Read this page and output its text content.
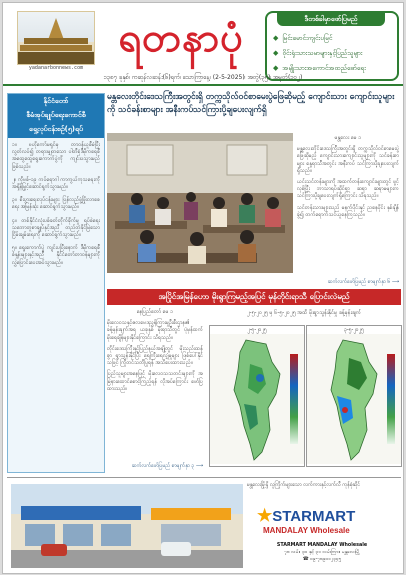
yadanarbonnews.com
ရတနာပုံ	ဒီတစ်ခါမှာဖော်ပြမည်
◆ မြင်းမောင်းကျင်းပမြင်
◆ ဝိုင်းရုံးသားသမာများနှင့်ပြည်သူများ
◆ အမျိုးသားအကောင်အထည်ဖော်ရေး
၁၃၈၇ ခုနှစ်၊ ကဆုန်လဆန်း(၆)ရက်၊ သောကြာနေ့၊ (2-5-2025)၊ အတွဲ(၃၅)၊ အမှတ်(၁၀၂)
နိုင်ငံတော်
စီမံအုပ်ချုပ်ရေးကောင်စီ
ရှေ့လုပ်ငန်းစဉ်(၅)ရပ်

၁။ ဗဟိုကော်မရှင်မှ တာဝန်ယူစီမံပြီး လွတ်လပ်၍ တရားမျှတသော ပါတီစုံဒီမိုကရေစီ အထွေထွေရွေးကောက်ပွဲကို ကျင်းပသွားမည်ဖြစ်သည်။

၂။ ကိုဗစ်-၁၉ ကပ်ရောဂါ ကာကွယ်ကုသရေးကို အရှိန်မြှင့်ဆောင်ရွက်သွားမည်။

၃။ စီးပွားရေးလုပ်ငန်းများ ပြန်လည်ဖွံ့ဖြိုးလာစေရေး အမြန်ဆုံး ဆောင်ရွက်သွားမည်။

၄။ တစ်နိုင်ငံလုံးပစ်ခတ်တိုက်ခိုက်မှု ရပ်စဲရေးသဘောတူစာချုပ်နှင့်အညီ တည်တံ့ခိုင်မြဲသော ငြိမ်းချမ်းရေးကို ဆောင်ရွက်သွားမည်။

၅။ ရွေးကောက်ပွဲ ကျင်းပပြီးနောက် ဒီမိုကရေစီစံနှုန်းများနှင့်အညီ နိုင်ငံတော်တာဝန်များကို လွှဲပြောင်းပေးအပ်သွားမည်။

မန္တလေးတိုင်းဒေသကြီးအတွင်းရှိ တက္ကသိုလ်ဝင်စာမေးပွဲဖြေဆိုမည့် ကျောင်းသား ကျောင်းသူများကို သင်ခန်းစာများ အနီးကပ်သင်ကြားပို့ချပေးလျက်ရှိ

မန္တလေး မေ ၁

မန္တလေးတိုင်းဒေသကြီးအတွင်းရှိ တက္ကသိုလ်ဝင်စာမေးပွဲ ဖြေဆိုမည့် ကျောင်းသားကျောင်းသူများကို သင်ခန်းစာများ နွေရာသီအတွင်း အနီးကပ် သင်ကြားပို့ချပေးလျက်ရှိသည်။

ယင်းသင်တန်းများကို အထက်တန်းကျောင်းများတွင် ဖွင့်လှစ်ပြီး ဘာသာရပ်ဆိုင်ရာ ဆရာ ဆရာမများက သင်ကြားပို့ချပေးလျက်ရှိကြောင်း သိရသည်။

သင်တန်းသားများသည် မနက်ပိုင်းနှင့် ညနေပိုင်း နှစ်ချိန်ခွဲ၍ တက်ရောက်သင်ယူနေကြသည်။

ဆက်လက်ဖော်ပြမည် စာမျက်နှာ ၆ ⟶
အပြိုင်အမြန်ဟော မိုးရွာကြမည့်အပြင် မုန်တိုင်းရာသီ ပြောင်းလဲမည်

နေပြည်တော် မေ ၁

မိုးလေဝသနှင့်ဇလဗေဒညွှန်ကြားမှုဦးစီးဌာန၏ ခန့်မှန်းချက်အရ ယခုနှစ် မိုးရာသီတွင် ပုံမှန်ထက် မိုးရေချိန်များနိုင်ကြောင်း သိရသည်။

တိုင်းဒေသကြီးနှင့်ပြည်နယ်အချို့တွင် မိုးသည်းထန်စွာ ရွာသွန်းနိုင်ပြီး ရေကြီးရေလျှံမှုများ ဖြစ်ပေါ်နိုင်သဖြင့် ကြိုတင်သတိပြုရန် အသိပေးထားသည်။

ပြည်သူများအနေဖြင့် မိုးလေဝသသတင်းများကို အမြဲနားထောင်စောင့်ကြည့်ရန် လိုအပ်ကြောင်း ဖော်ပြထားသည်။

ဆက်လက်ဖော်ပြမည် စာမျက်နှာ ၃ ⟶
၂-၅-၂၀၂၅ မှ ၆-၅-၂၀၂၅ အထိ မိုးရွာသွန်းနိုင်မှု ခန့်မှန်းချက်
၂-၅-၂၀၂၅	၃-၅-၂၀၂၅
မန္တလေးမြို့ရှိ လူကြိုက်များသော လက်ကားနှင့်လက်လီ ကုန်စုံဆိုင်
★STARMART
MANDALAY Wholesale
STARMART MANDALAY Wholesale
၇၈ လမ်း၊ ၃၀ နှင့် ၃၁ လမ်းကြား၊ မန္တလေးမြို့
☎ ၀၉-၇၈၉၀၁၂၃၄၅
